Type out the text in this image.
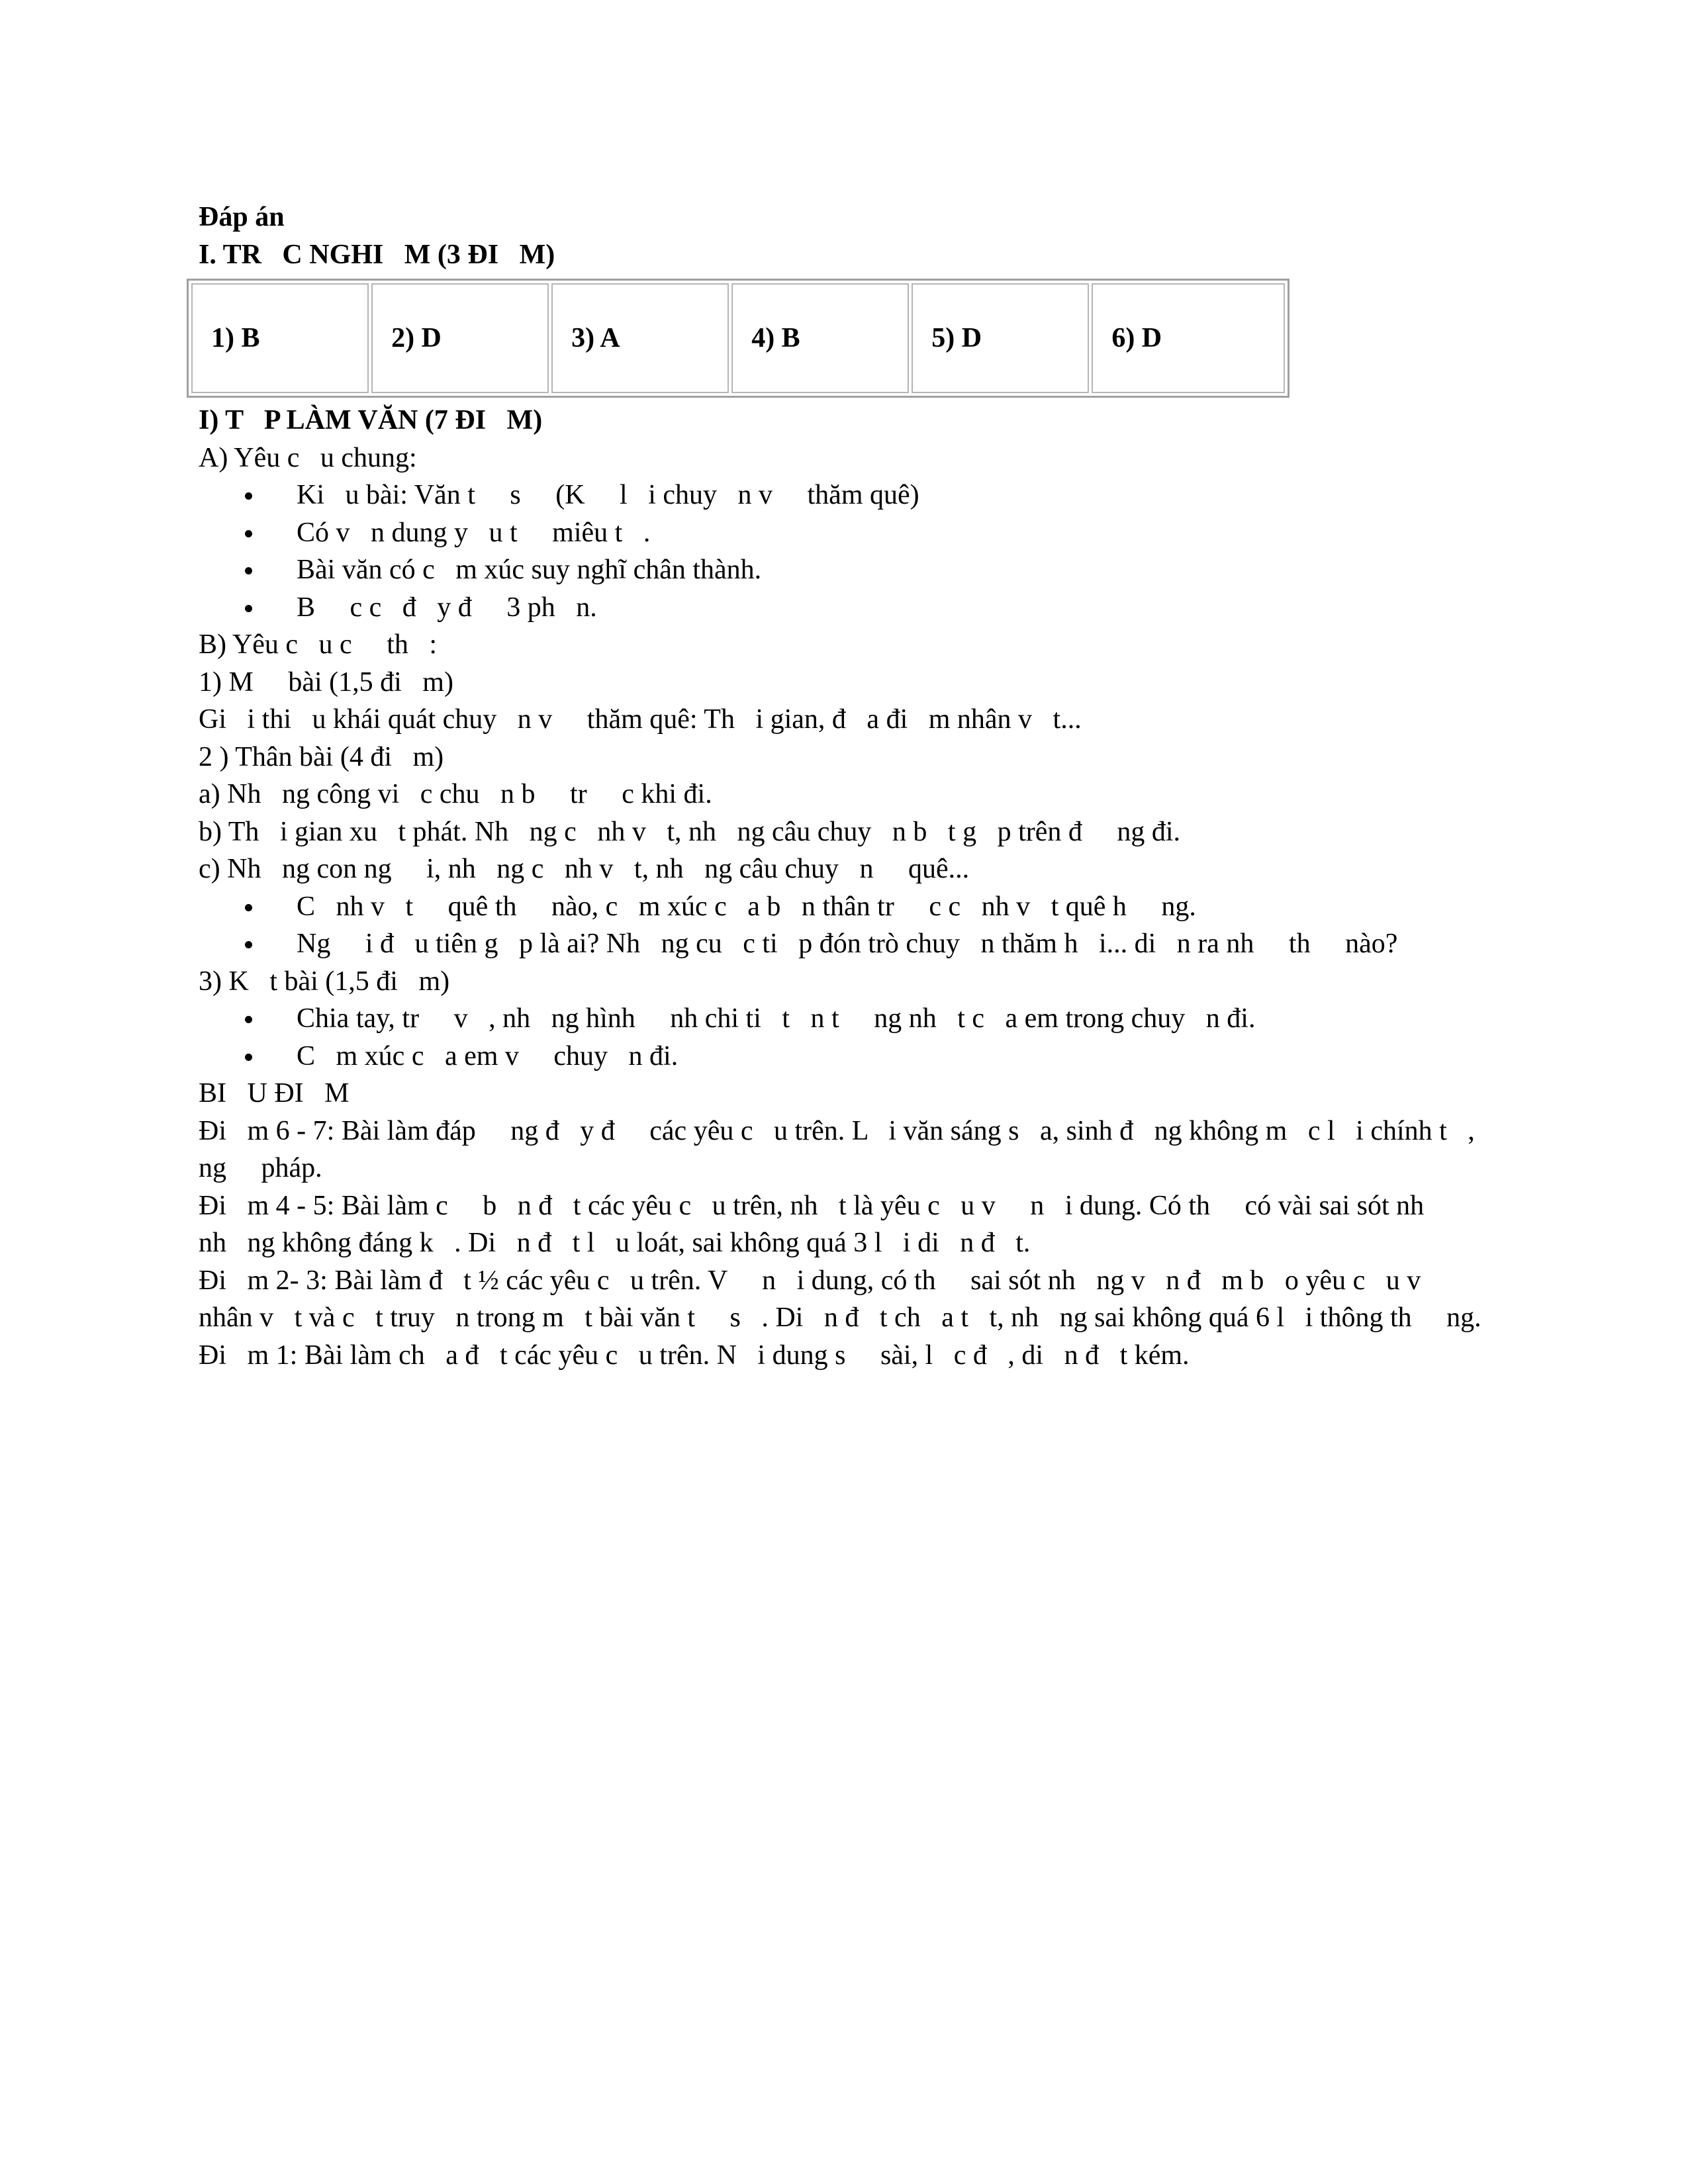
Đáp án
I. TR   C NGHI   M (3 ĐI   M)
1) B	2) D	3) A	4) B	5) D	6) D
I) T   P LÀM VĂN (7 ĐI   M)
A) Yêu c   u chung:
Ki   u bài: Văn t     s     (K     l   i chuy   n v     thăm quê)
Có v   n dung y   u t     miêu t   .
Bài văn có c   m xúc suy nghĩ chân thành.
B     c c   đ   y đ     3 ph   n.
B) Yêu c   u c     th   :
1) M     bài (1,5 đi   m)
Gi   i thi   u khái quát chuy   n v     thăm quê: Th   i gian, đ   a đi   m nhân v   t...
2 ) Thân bài (4 đi   m)
a) Nh   ng công vi   c chu   n b     tr     c khi đi.
b) Th   i gian xu   t phát. Nh   ng c   nh v   t, nh   ng câu chuy   n b   t g   p trên đ     ng đi.
c) Nh   ng con ng     i, nh   ng c   nh v   t, nh   ng câu chuy   n     quê...
C   nh v   t     quê th     nào, c   m xúc c   a b   n thân tr     c c   nh v   t quê h     ng.
Ng     i đ   u tiên g   p là ai? Nh   ng cu   c ti   p đón trò chuy   n thăm h   i... di   n ra nh     th     nào?
3) K   t bài (1,5 đi   m)
Chia tay, tr     v   , nh   ng hình     nh chi ti   t   n t     ng nh   t c   a em trong chuy   n đi.
C   m xúc c   a em v     chuy   n đi.
BI   U ĐI   M
Đi   m 6 - 7: Bài làm đáp     ng đ   y đ     các yêu c   u trên. L   i văn sáng s   a, sinh đ   ng không m   c l   i chính t   ,
ng     pháp.
Đi   m 4 - 5: Bài làm c     b   n đ   t các yêu c   u trên, nh   t là yêu c   u v     n   i dung. Có th     có vài sai sót nh
nh   ng không đáng k   . Di   n đ   t l   u loát, sai không quá 3 l   i di   n đ   t.
Đi   m 2- 3: Bài làm đ   t ½ các yêu c   u trên. V     n   i dung, có th     sai sót nh   ng v   n đ   m b   o yêu c   u v
nhân v   t và c   t truy   n trong m   t bài văn t     s   . Di   n đ   t ch   a t   t, nh   ng sai không quá 6 l   i thông th     ng.
Đi   m 1: Bài làm ch   a đ   t các yêu c   u trên. N   i dung s     sài, l   c đ   , di   n đ   t kém.
